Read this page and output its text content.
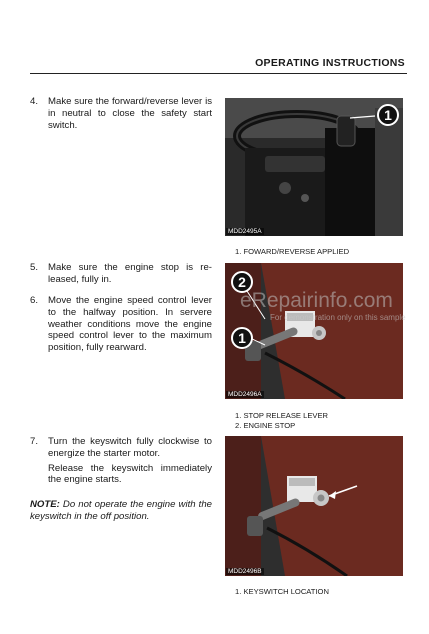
OPERATING INSTRUCTIONS
4. Make sure the forward/reverse lever is in neutral to close the safety start switch.
5. Make sure the engine stop is re-leased, fully in.
6. Move the engine speed control lever to the halfway position. In servere weather conditions move the engine speed control lever to the maximum position, fully rearward.
7. Turn the keyswitch fully clockwise to energize the starter motor.
Release the keyswitch immediately the engine starts.
NOTE: Do not operate the engine with the keyswitch in the off position.
1
MDD2495A
1. FOWARD/REVERSE APPLIED
2
1
MDD2496A
1. STOP RELEASE LEVER
2. ENGINE STOP
MDD2496B
1. KEYSWITCH LOCATION
eRepairinfo.com
For demonstration only on this sample
